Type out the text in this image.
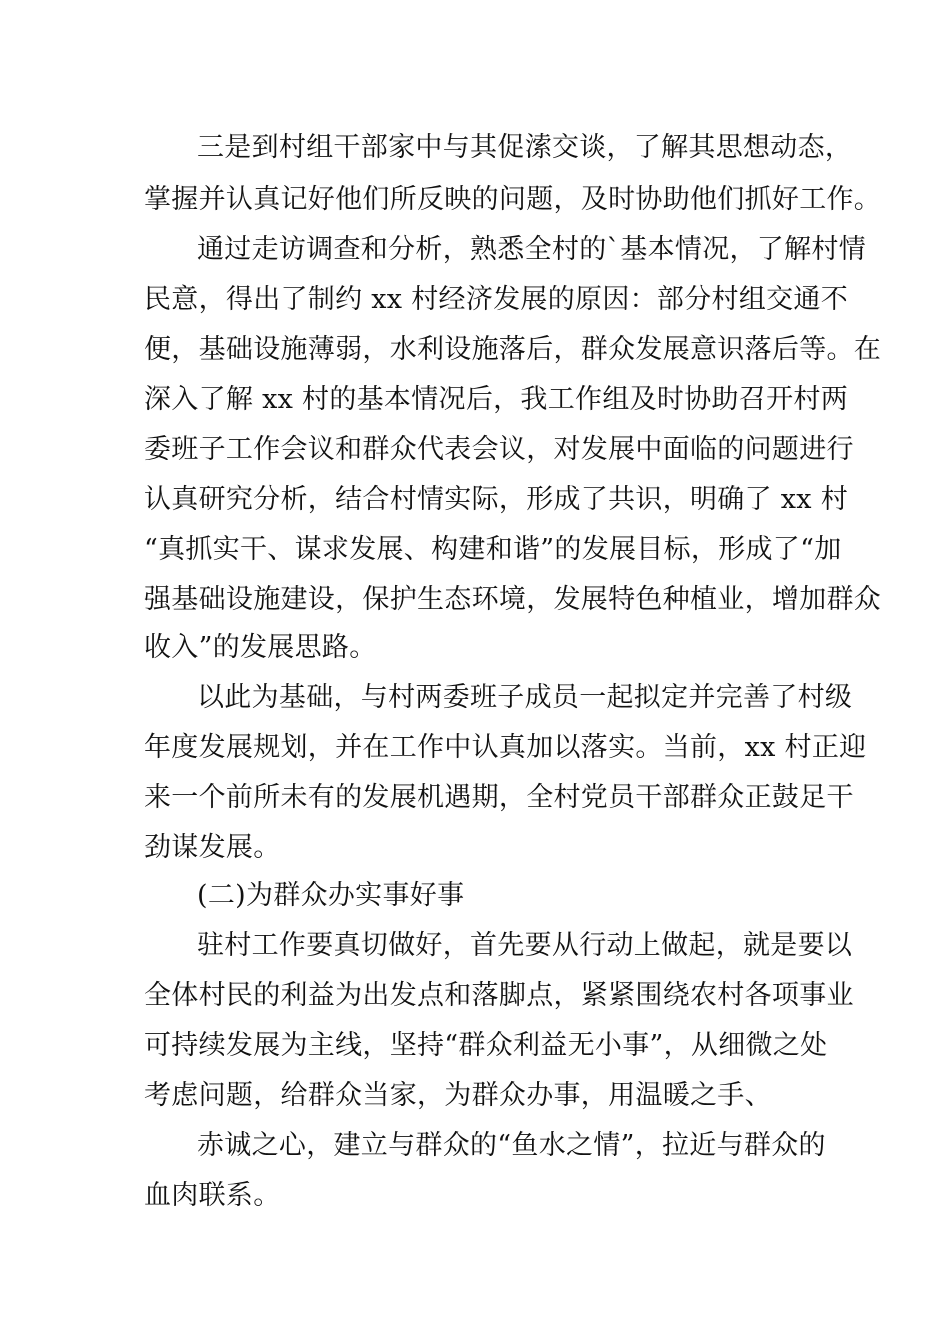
三是到村组干部家中与其促溹交谈，了解其思想动态，
掌握并认真记好他们所反映的问题，及时协助他们抓好工作。
通过走访调查和分析，熟悉全村的`基本情况，了解村情
民意，得出了制约 xx 村经济发展的原因：部分村组交通不
便，基础设施薄弱，水利设施落后，群众发展意识落后等。在
深入了解 xx 村的基本情况后，我工作组及时协助召开村两
委班子工作会议和群众代表会议，对发展中面临的问题进行
认真研究分析，结合村情实际，形成了共识，明确了 xx 村
“真抓实干、谋求发展、构建和谐”的发展目标，形成了“加
强基础设施建设，保护生态环境，发展特色种植业，增加群众
收入”的发展思路。
以此为基础，与村两委班子成员一起拟定并完善了村级
年度发展规划，并在工作中认真加以落实。当前，xx 村正迎
来一个前所未有的发展机遇期，全村党员干部群众正鼓足干
劲谋发展。
(二)为群众办实事好事
驻村工作要真切做好，首先要从行动上做起，就是要以
全体村民的利益为出发点和落脚点，紧紧围绕农村各项事业
可持续发展为主线，坚持“群众利益无小事”，从细微之处
考虑问题，给群众当家，为群众办事，用温暖之手、
赤诚之心，建立与群众的“鱼水之情”，拉近与群众的
血肉联系。
